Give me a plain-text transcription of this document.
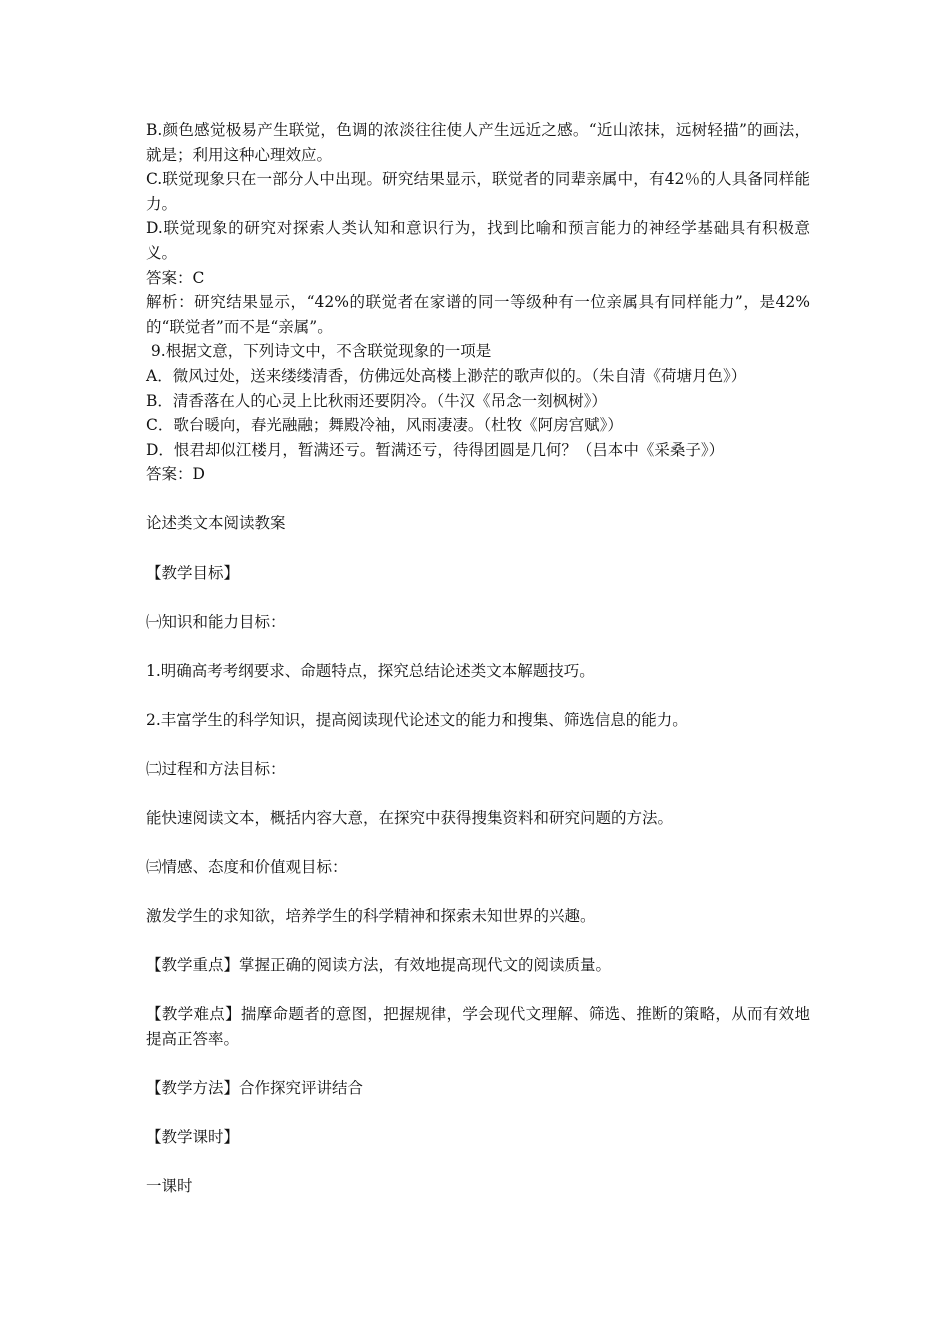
B.颜色感觉极易产生联觉，色调的浓淡往往使人产生远近之感。“近山浓抹，远树轻描”的画法，就是；利用这种心理效应。
C.联觉现象只在一部分人中出现。研究结果显示，联觉者的同辈亲属中，有42％的人具备同样能力。
D.联觉现象的研究对探索人类认知和意识行为，找到比喻和预言能力的神经学基础具有积极意义。
答案：C
解析：研究结果显示，“42%的联觉者在家谱的同一等级种有一位亲属具有同样能力”，是42%的“联觉者”而不是“亲属”。
9.根据文意，下列诗文中，不含联觉现象的一项是
A．微风过处，送来缕缕清香，仿佛远处高楼上渺茫的歌声似的。（朱自清《荷塘月色》）
B．清香落在人的心灵上比秋雨还要阴冷。（牛汉《吊念一刻枫树》）
C．歌台暖向，春光融融；舞殿冷袖，风雨凄凄。（杜牧《阿房宫赋》）
D．恨君却似江楼月，暂满还亏。暂满还亏，待得团圆是几何？（吕本中《采桑子》）
答案：D
论述类文本阅读教案
【教学目标】
㈠知识和能力目标：
1.明确高考考纲要求、命题特点，探究总结论述类文本解题技巧。
2.丰富学生的科学知识，提高阅读现代论述文的能力和搜集、筛选信息的能力。
㈡过程和方法目标：
能快速阅读文本，概括内容大意，在探究中获得搜集资料和研究问题的方法。
㈢情感、态度和价值观目标：
激发学生的求知欲，培养学生的科学精神和探索未知世界的兴趣。
【教学重点】掌握正确的阅读方法，有效地提高现代文的阅读质量。
【教学难点】揣摩命题者的意图，把握规律，学会现代文理解、筛选、推断的策略，从而有效地提高正答率。
【教学方法】合作探究评讲结合
【教学课时】
一课时
